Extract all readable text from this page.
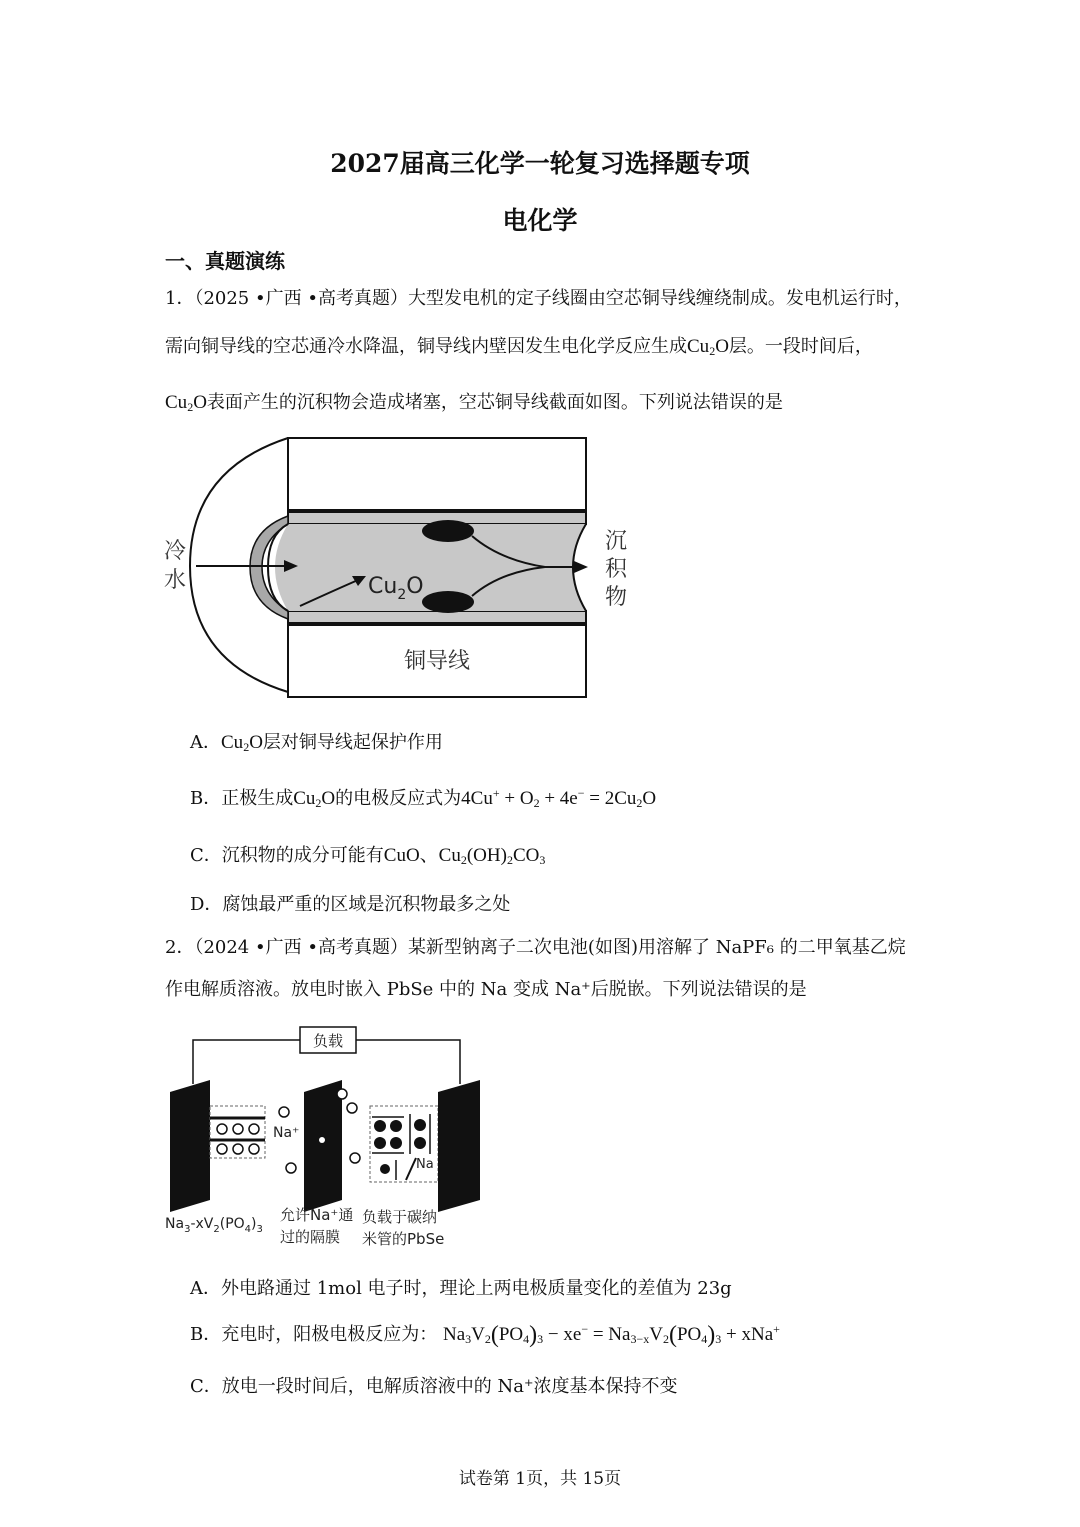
2027届高三化学一轮复习选择题专项
电化学
一、真题演练
1．（2025 •广西 •高考真题）大型发电机的定子线圈由空芯铜导线缠绕制成。发电机运行时，
需向铜导线的空芯通冷水降温，铜导线内壁因发生电化学反应生成$Cu_2O$层。一段时间后，
$Cu_2O$表面产生的沉积物会造成堵塞，空芯铜导线截面如图。下列说法错误的是
冷
水	$Cu_2O$
沉
积
物
铜导线
A．$Cu_2O$层对铜导线起保护作用
B．正极生成$Cu_2O$的电极反应式为$4Cu^+ + O_2 + 4e^- = 2Cu_2O$
C．沉积物的成分可能有CuO、$Cu_2(OH)_2CO_3$
D．腐蚀最严重的区域是沉积物最多之处
2．（2024 •广西 •高考真题）某新型钠离子二次电池(如图)用溶解了 NaPF₆ 的二甲氧基乙烷
作电解质溶液。放电时嵌入 PbSe 中的 Na 变成 Na⁺后脱嵌。下列说法错误的是
负载
Na⁺
Na
$Na_3-xV_2(PO_4)_3$
允许Na⁺通
过的隔膜
负载于碳纳
米管的PbSe
A．外电路通过 1mol 电子时，理论上两电极质量变化的差值为 23g
B．充电时，阳极电极反应为： $Na_3V_2(PO_4)_3 - xe^- = Na_{3-x}V_2(PO_4)_3 + xNa^+$
C．放电一段时间后，电解质溶液中的 Na⁺浓度基本保持不变
试卷第 1页，共 15页
